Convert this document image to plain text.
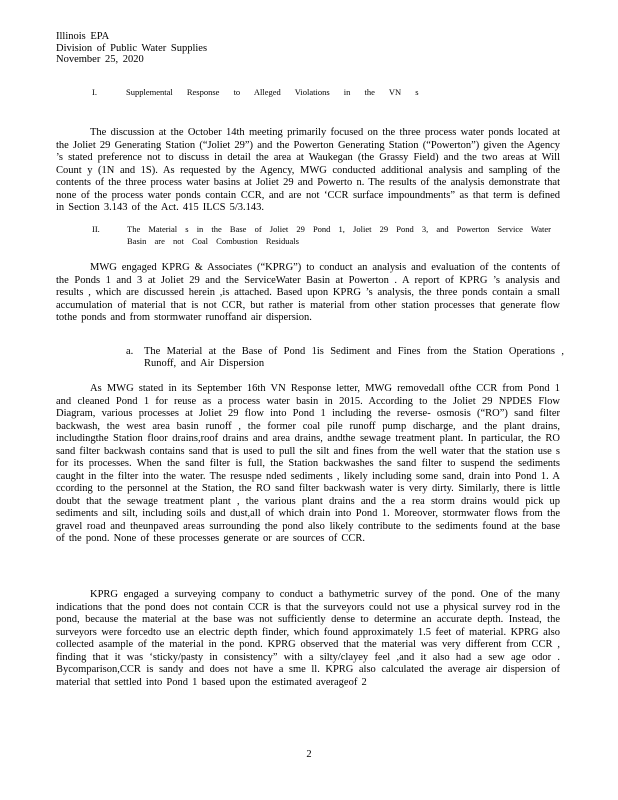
Illinois EPA
Division of Public Water Supplies
November 25, 2020
I.	Supplemental Response to Alleged Violations in the VN s

The discussion at the October 14th meeting primarily focused on the three process water ponds located at the Joliet 29 Generating Station (“Joliet 29”) and the Powerton Generating Station (“Powerton”) given the Agency ’s stated preference not to discuss in detail the area at Waukegan (the Grassy Field) and the two areas at Will Count y (1N and 1S). As requested by the Agency, MWG conducted additional analysis and sampling of the contents of the three process water basins at Joliet 29 and Powerto n. The results of the analysis demonstrate that none of the process water ponds contain CCR, and are not ‘CCR surface impoundments” as that term is defined in Section 3.143 of the Act. 415 ILCS 5/3.143.

II.	The Material s in the Base of Joliet 29 Pond 1, Joliet 29 Pond 3, and Powerton Service Water Basin are not Coal Combustion Residuals

MWG engaged KPRG & Associates (“KPRG”) to conduct an analysis and evaluation of the contents of the Ponds 1 and 3 at Joliet 29 and the ServiceWater Basin at Powerton . A report of KPRG ’s analysis and results , which are discussed herein ,is attached. Based upon KPRG ’s analysis, the three ponds contain a small accumulation of material that is not CCR, but rather is material from other station processes that generate flow tothe ponds and from stormwater runoffand air dispersion.

a. The Material at the Base of Pond 1is Sediment and Fines from the Station Operations , Runoff, and Air Dispersion

As MWG stated in its September 16th VN Response letter, MWG removedall ofthe CCR from Pond 1 and cleaned Pond 1 for reuse as a process water basin in 2015. According to the Joliet 29 NPDES Flow Diagram, various processes at Joliet 29 flow into Pond 1 including the reverse- osmosis (“RO”) sand filter backwash, the west area basin runoff , the former coal pile runoff pump discharge, and the plant drains, includingthe Station floor drains,roof drains and area drains, andthe sewage treatment plant. In particular, the RO sand filter backwash contains sand that is used to pull the silt and fines from the well water that the station use s for its processes. When the sand filter is full, the Station backwashes the sand filter to suspend the sediments caught in the filter into the water. The resuspe nded sediments , likely including some sand, drain into Pond 1. A ccording to the personnel at the Station, the RO sand filter backwash water is very dirty. Similarly, there is little doubt that the sewage treatment plant , the various plant drains and the a rea storm drains would pick up sediments and silt, including soils and dust,all of which drain into Pond 1. Moreover, stormwater flows from the gravel road and theunpaved areas surrounding the pond also likely contribute to the sediments found at the base of the pond. None of these processes generate or are sources of CCR.

KPRG engaged a surveying company to conduct a bathymetric survey of the pond. One of the many indications that the pond does not contain CCR is that the surveyors could not use a physical survey rod in the pond, because the material at the base was not sufficiently dense to determine an accurate depth. Instead, the surveyors were forcedto use an electric depth finder, which found approximately 1.5 feet of material. KPRG also collected asample of the material in the pond. KPRG observed that the material was very different from CCR , finding that it was ‘sticky/pasty in consistency” with a silty/clayey feel ,and it also had a sew age odor . Bycomparison,CCR is sandy and does not have a sme ll. KPRG also calculated the average air dispersion of material that settled into Pond 1 based upon the estimated averageof 2

2
